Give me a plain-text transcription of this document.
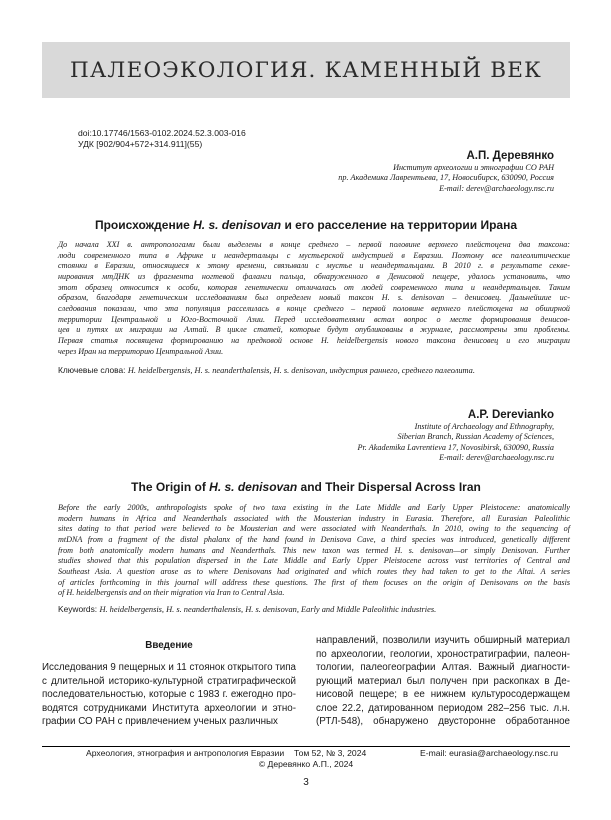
ПАЛЕОЭКОЛОГИЯ. КАМЕННЫЙ ВЕК
doi:10.17746/1563-0102.2024.52.3.003-016
УДК [902/904+572+314.911](55)
А.П. Деревянко
Институт археологии и этнографии СО РАН
пр. Академика Лаврентьева, 17, Новосибирск, 630090, Россия
E-mail: derev@archaeology.nsc.ru
Происхождение H. s. denisovan и его расселение на территории Ирана
До начала XXI в. антропологами были выделены в конце среднего – первой половине верхнего плейстоцена два таксона:
люди современного типа в Африке и неандертальцы с мустьерской индустрией в Евразии. Поэтому все палеолитические
стоянки в Евразии, относящиеся к этому времени, связывали с мустье и неандертальцами. В 2010 г. в результате секве-
нирования мтДНК из фрагмента ногтевой фаланги пальца, обнаруженного в Денисовой пещере, удалось установить, что
этот образец относится к особи, которая генетически отличалась от людей современного типа и неандертальцев. Таким
образом, благодаря генетическим исследованиям был определен новый таксон H. s. denisovan – денисовец. Дальнейшие ис-
следования показали, что эта популяция расселилась в конце среднего – первой половине верхнего плейстоцена на обширной
территории Центральной и Юго-Восточной Азии. Перед исследователями встал вопрос о месте формирования денисов-
цев и путях их миграции на Алтай. В цикле статей, которые будут опубликованы в журнале, рассмотрены эти проблемы.
Первая статья посвящена формированию на предковой основе H. heidelbergensis нового таксона денисовец и его миграции
через Иран на территорию Центральной Азии.
Ключевые слова: H. heidelbergensis, H. s. neanderthalensis, H. s. denisovan, индустрия раннего, среднего палеолита.
A.P. Derevianko
Institute of Archaeology and Ethnography,
Siberian Branch, Russian Academy of Sciences,
Pr. Akademika Lavrentieva 17, Novosibirsk, 630090, Russia
E-mail: derev@archaeology.nsc.ru
The Origin of H. s. denisovan and Their Dispersal Across Iran
Before the early 2000s, anthropologists spoke of two taxa existing in the Late Middle and Early Upper Pleistocene: anatomically
modern humans in Africa and Neanderthals associated with the Mousterian industry in Eurasia. Therefore, all Eurasian Paleolithic
sites dating to that period were believed to be Mousterian and were associated with Neanderthals. In 2010, owing to the sequencing of
mtDNA from a fragment of the distal phalanx of the hand found in Denisova Cave, a third species was introduced, genetically different
from both anatomically modern humans and Neanderthals. This new taxon was termed H. s. denisovan—or simply Denisovan. Further
studies showed that this population dispersed in the Late Middle and Early Upper Pleistocene across vast territories of Central and
Southeast Asia. A question arose as to where Denisovans had originated and which routes they had taken to get to the Altai. A series
of articles forthcoming in this journal will address these questions. The first of them focuses on the origin of Denisovans on the basis
of H. heidelbergensis and on their migration via Iran to Central Asia.
Keywords: H. heidelbergensis, H. s. neanderthalensis, H. s. denisovan, Early and Middle Paleolithic industries.
Введение
Исследования 9 пещерных и 11 стоянок открытого типа
с длительной историко-культурной стратиграфической
последовательностью, которые с 1983 г. ежегодно про-
водятся сотрудниками Института археологии и этно-
графии СО РАН с привлечением ученых различных
направлений, позволили изучить обширный материал
по археологии, геологии, хроностратиграфии, палеон-
тологии, палеогеографии Алтая. Важный диагности-
рующий материал был получен при раскопках в Де-
нисовой пещере; в ее нижнем культуросодержащем
слое 22.2, датированном периодом 282–256 тыс. л.н.
(РТЛ-548), обнаружено двусторонне обработанное
Археология, этнография и антропология Евразии Том 52, № 3, 2024	E-mail: eurasia@archaeology.nsc.ru
© Деревянко А.П., 2024
3
